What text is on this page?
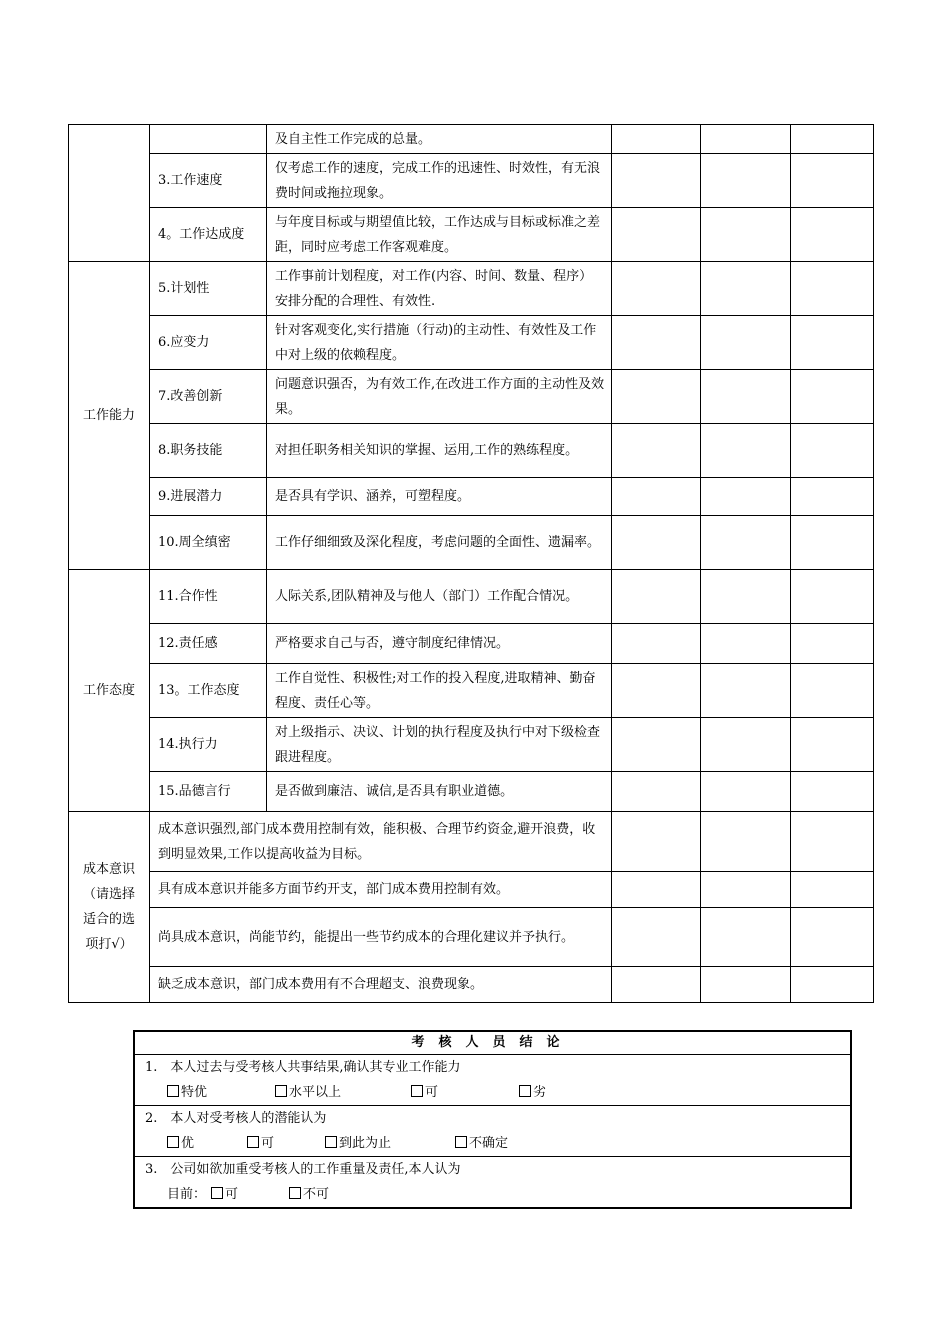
		及自主性工作完成的总量。			
	3.工作速度	仅考虑工作的速度，完成工作的迅速性、时效性，有无浪费时间或拖拉现象。			
	4。工作达成度	与年度目标或与期望值比较，工作达成与目标或标准之差距，同时应考虑工作客观难度。			
工作能力	5.计划性	工作事前计划程度，对工作(内容、时间、数量、程序）安排分配的合理性、有效性.			
	6.应变力	针对客观变化,实行措施（行动)的主动性、有效性及工作中对上级的依赖程度。			
	7.改善创新	问题意识强否，为有效工作,在改进工作方面的主动性及效果。			
	8.职务技能	对担任职务相关知识的掌握、运用,工作的熟练程度。			
	9.进展潜力	是否具有学识、涵养，可塑程度。			
	10.周全缜密	工作仔细细致及深化程度，考虑问题的全面性、遗漏率。			
工作态度	11.合作性	人际关系,团队精神及与他人（部门）工作配合情况。			
	12.责任感	严格要求自己与否，遵守制度纪律情况。			
	13。工作态度	工作自觉性、积极性;对工作的投入程度,进取精神、勤奋程度、责任心等。			
	14.执行力	对上级指示、决议、计划的执行程度及执行中对下级检查跟进程度。			
	15.品德言行	是否做到廉洁、诚信,是否具有职业道德。			

成本意识
（请选择
适合的选
项打√）	成本意识强烈,部门成本费用控制有效，能积极、合理节约资金,避开浪费，收到明显效果,工作以提高收益为目标。				
	具有成本意识并能多方面节约开支，部门成本费用控制有效。				
	尚具成本意识，尚能节约，能提出一些节约成本的合理化建议并予执行。				
	缺乏成本意识，部门成本费用有不合理超支、浪费现象。				
考核人员结论

1.　本人过去与受考核人共事结果,确认其专业工作能力
特优	水平以上	可	劣

2.　本人对受考核人的潜能认为
优	可	到此为止	不确定

3.　公司如欲加重受考核人的工作重量及责任,本人认为
目前：	可	不可
